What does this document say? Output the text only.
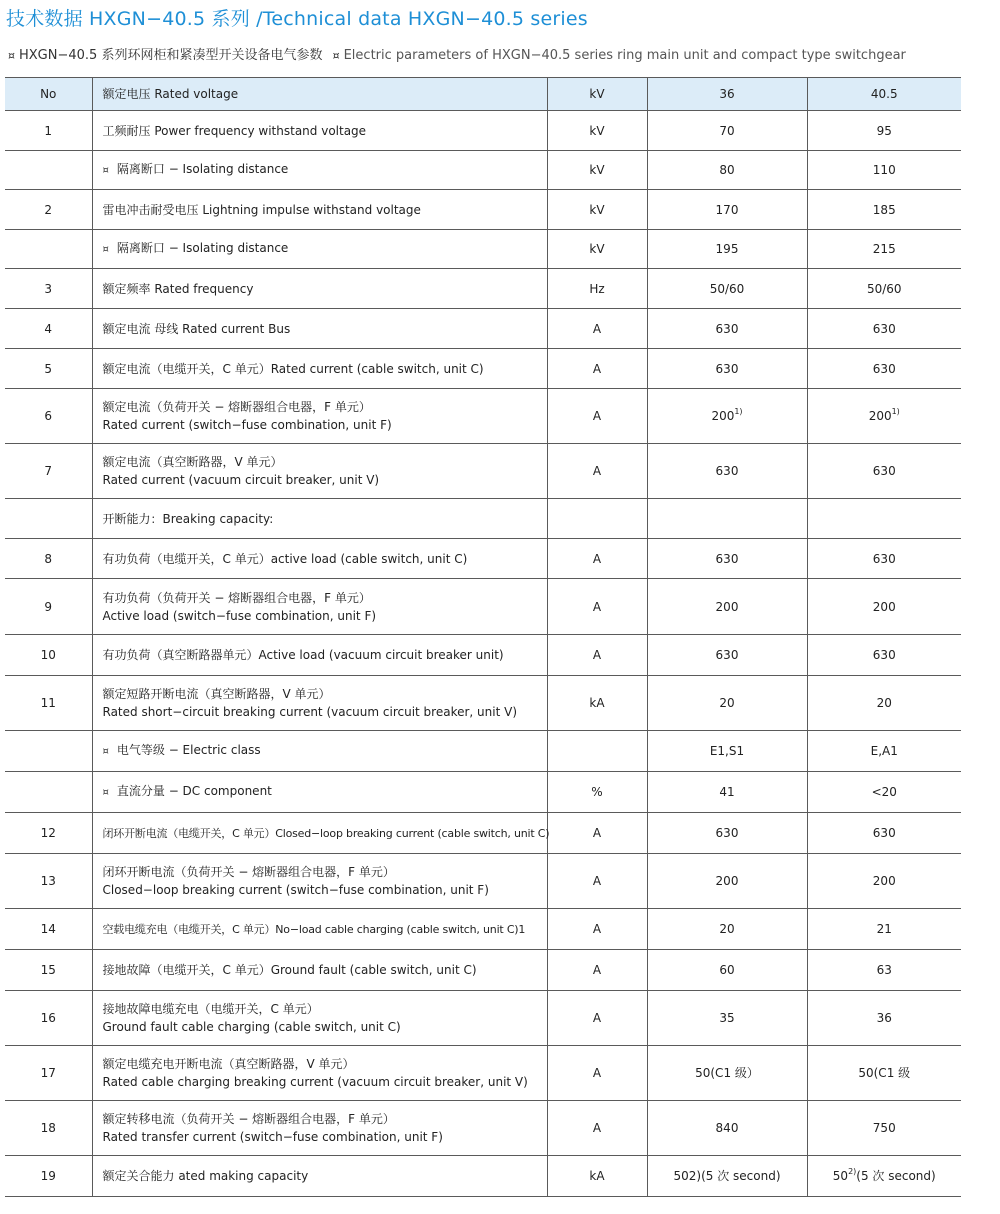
技术数据 HXGN−40.5 系列 /Technical data HXGN−40.5 series
¤ HXGN−40.5 系列环网柜和紧凑型开关设备电气参数 ¤ Electric parameters of HXGN−40.5 series ring main unit and compact type switchgear
No	额定电压 Rated voltage	kV	36	40.5
1	工频耐压 Power frequency withstand voltage	kV	70	95
	¤ 隔离断口 − Isolating distance	kV	80	110
2	雷电冲击耐受电压 Lightning impulse withstand voltage	kV	170	185
	¤ 隔离断口 − Isolating distance	kV	195	215
3	额定频率 Rated frequency	Hz	50/60	50/60
4	额定电流 母线 Rated current Bus	A	630	630
5	额定电流（电缆开关，C 单元）Rated current (cable switch, unit C)	A	630	630
6	额定电流（负荷开关 − 熔断器组合电器，F 单元）
Rated current (switch−fuse combination, unit F)	A	200$^{1)}$	200$^{1)}$
7	额定电流（真空断路器，V 单元）
Rated current (vacuum circuit breaker, unit V)	A	630	630
	开断能力：Breaking capacity:			
8	有功负荷（电缆开关，C 单元）active load (cable switch, unit C)	A	630	630
9	有功负荷（负荷开关 − 熔断器组合电器，F 单元）
Active load (switch−fuse combination, unit F)	A	200	200
10	有功负荷（真空断路器单元）Active load (vacuum circuit breaker unit)	A	630	630
11	额定短路开断电流（真空断路器，V 单元）
Rated short−circuit breaking current (vacuum circuit breaker, unit V)	kA	20	20
	¤ 电气等级 − Electric class		E1,S1	E,A1
	¤ 直流分量 − DC component	%	41	<20
12	闭环开断电流（电缆开关，C 单元）Closed−loop breaking current (cable switch, unit C)	A	630	630
13	闭环开断电流（负荷开关 − 熔断器组合电器，F 单元）
Closed−loop breaking current (switch−fuse combination, unit F)	A	200	200
14	空载电缆充电（电缆开关，C 单元）No−load cable charging (cable switch, unit C)1	A	20	21
15	接地故障（电缆开关，C 单元）Ground fault (cable switch, unit C)	A	60	63
16	接地故障电缆充电（电缆开关，C 单元）
Ground fault cable charging (cable switch, unit C)	A	35	36
17	额定电缆充电开断电流（真空断路器，V 单元）
Rated cable charging breaking current (vacuum circuit breaker, unit V)	A	50(C1 级）	50(C1 级
18	额定转移电流（负荷开关 − 熔断器组合电器，F 单元）
Rated transfer current (switch−fuse combination, unit F)	A	840	750
19	额定关合能力 ated making capacity	kA	502)(5 次 second)	50$^{2)}$(5 次 second)
